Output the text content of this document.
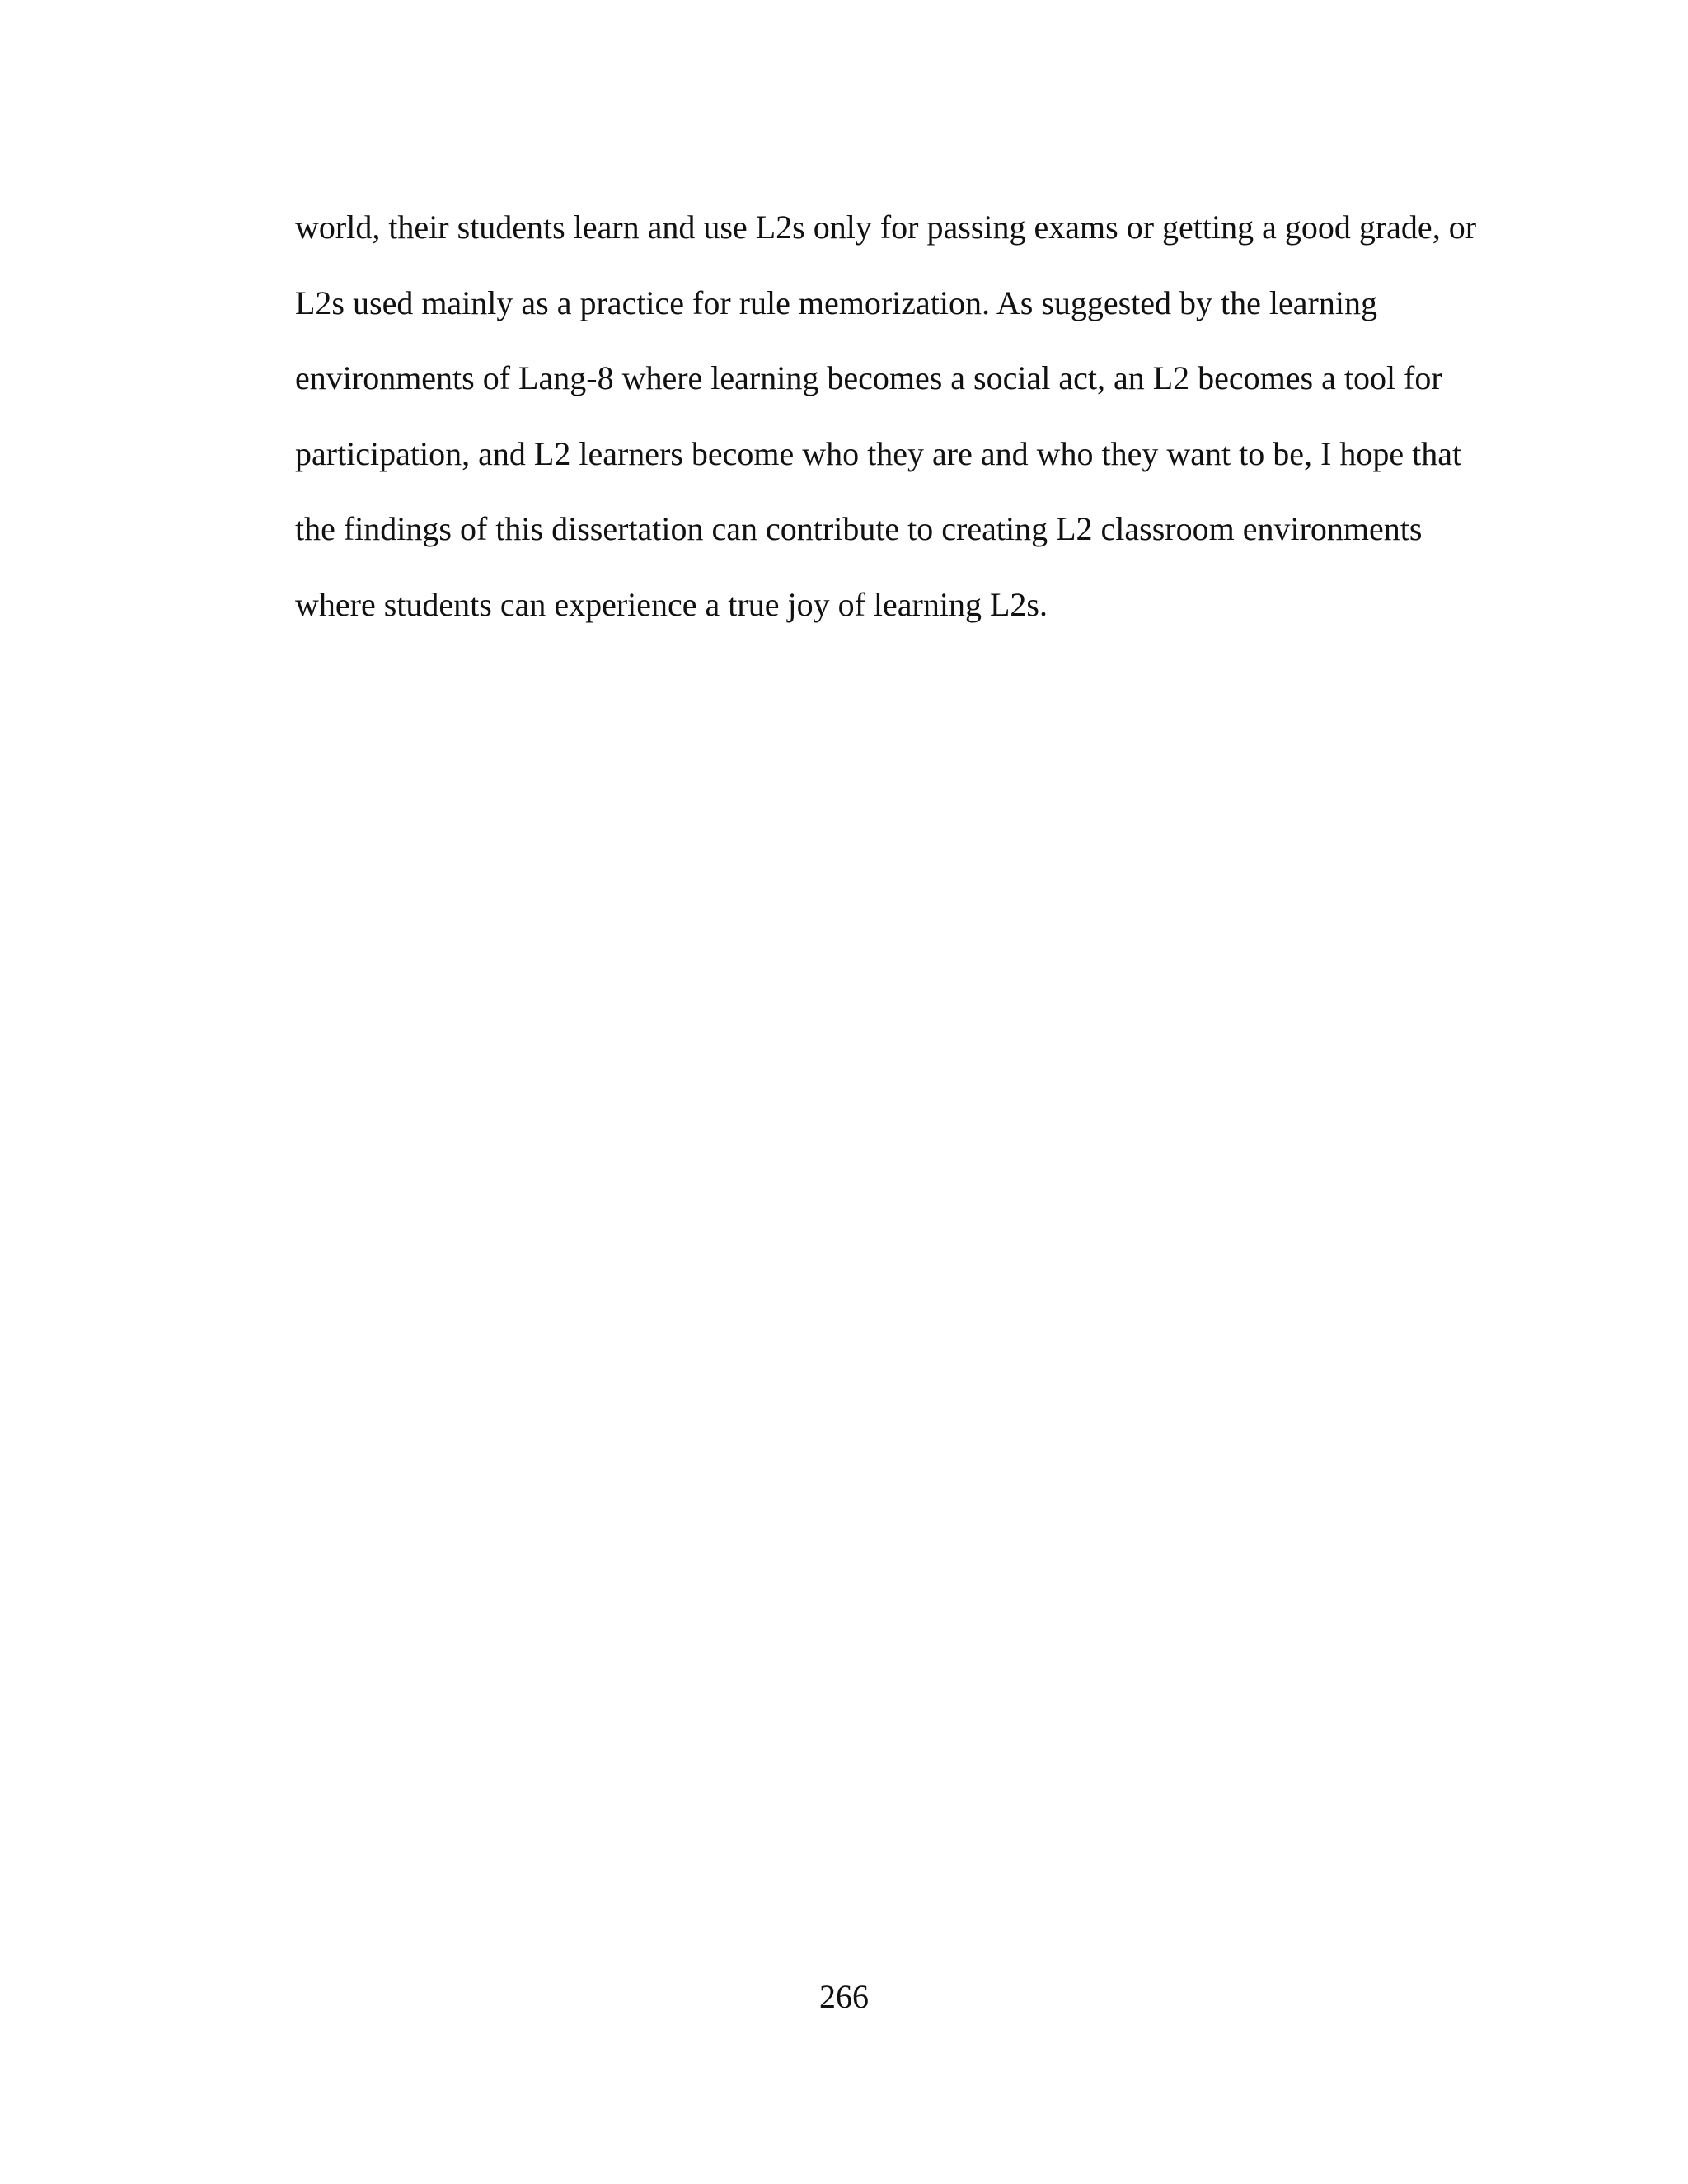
world, their students learn and use L2s only for passing exams or getting a good grade, or
L2s used mainly as a practice for rule memorization. As suggested by the learning
environments of Lang-8 where learning becomes a social act, an L2 becomes a tool for
participation, and L2 learners become who they are and who they want to be, I hope that
the findings of this dissertation can contribute to creating L2 classroom environments
where students can experience a true joy of learning L2s.

266
